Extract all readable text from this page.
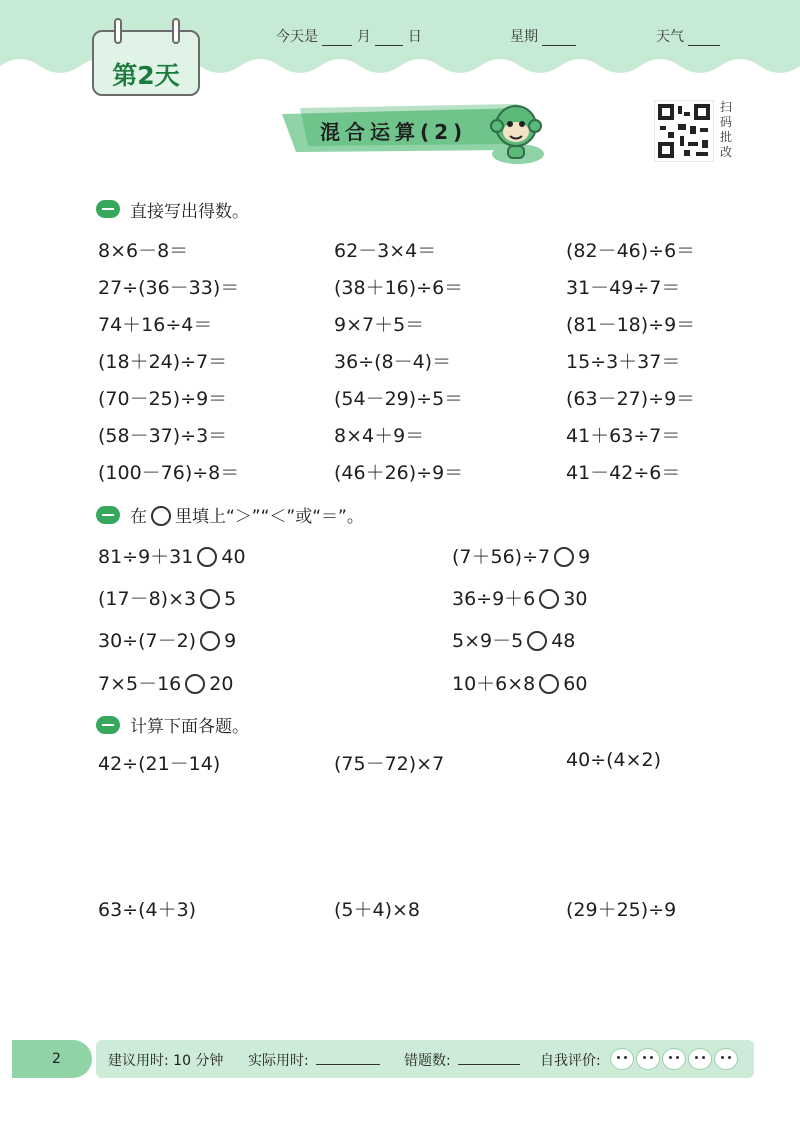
第2天
今天是	月	日	星期	天气
混合运算(2)
扫
码
批
改
直接写出得数。
8×6－8＝	62－3×4＝	(82－46)÷6＝
27÷(36－33)＝	(38＋16)÷6＝	31－49÷7＝
74＋16÷4＝	9×7＋5＝	(81－18)÷9＝
(18＋24)÷7＝	36÷(8－4)＝	15÷3＋37＝
(70－25)÷9＝	(54－29)÷5＝	(63－27)÷9＝
(58－37)÷3＝	8×4＋9＝	41＋63÷7＝
(100－76)÷8＝	(46＋26)÷9＝	41－42÷6＝
在 里填上“＞”“＜”或“＝”。
81÷9＋31 40	(7＋56)÷7 9
(17－8)×3 5	36÷9＋6 30
30÷(7－2) 9	5×9－5 48
7×5－16 20	10＋6×8 60
计算下面各题。
42÷(21－14)	(75－72)×7	40÷(4×2)
63÷(4＋3)	(5＋4)×8	(29＋25)÷9
2	建议用时: 10 分钟 实际用时:	错题数:	自我评价:
